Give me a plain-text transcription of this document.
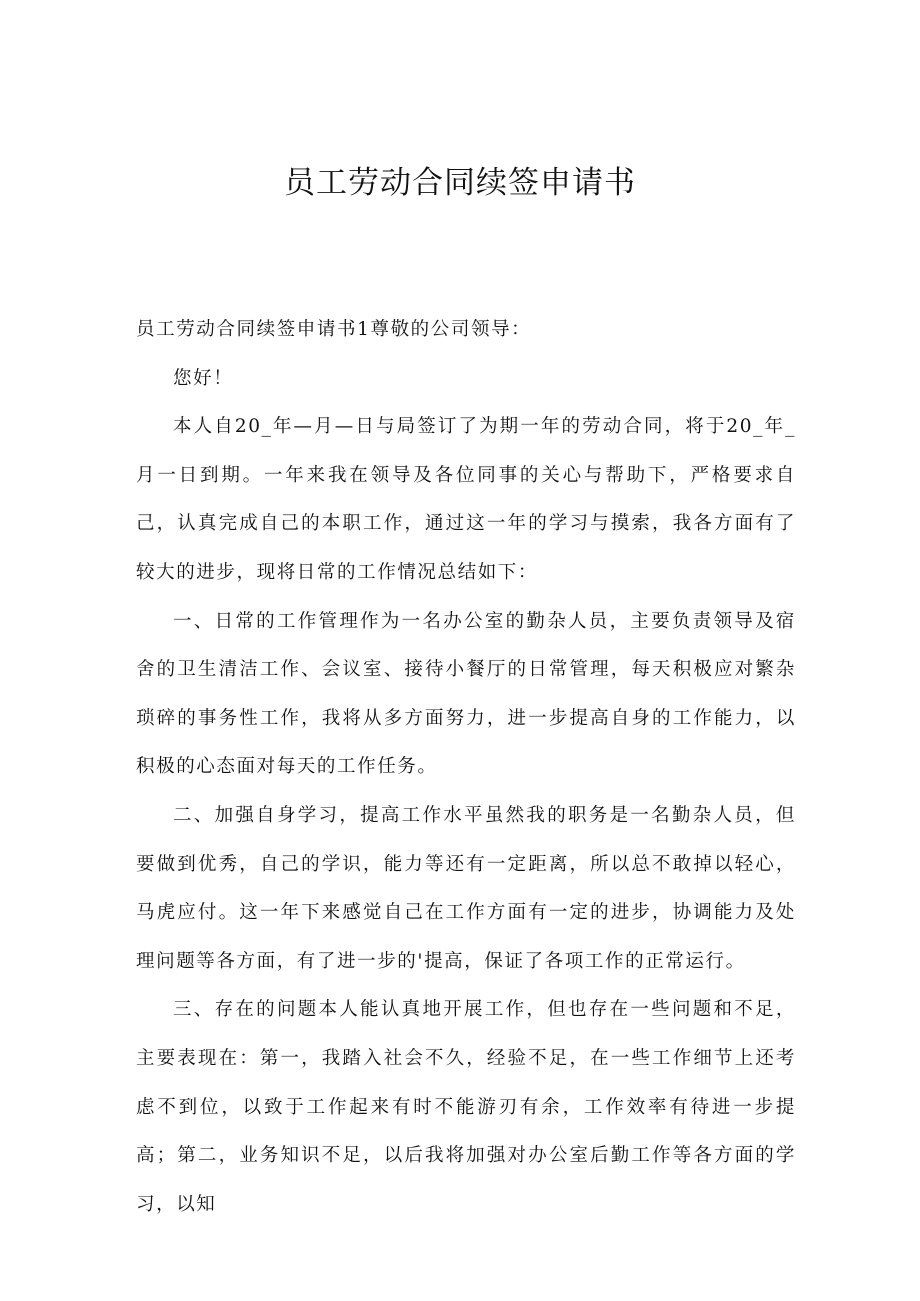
员工劳动合同续签申请书

员工劳动合同续签申请书1尊敬的公司领导：

您好！

本人自20_年—月—日与局签订了为期一年的劳动合同，将于20_年_月一日到期。一年来我在领导及各位同事的关心与帮助下，严格要求自己，认真完成自己的本职工作，通过这一年的学习与摸索，我各方面有了较大的进步，现将日常的工作情况总结如下：

一、日常的工作管理作为一名办公室的勤杂人员，主要负责领导及宿舍的卫生清洁工作、会议室、接待小餐厅的日常管理，每天积极应对繁杂琐碎的事务性工作，我将从多方面努力，进一步提高自身的工作能力，以积极的心态面对每天的工作任务。

二、加强自身学习，提高工作水平虽然我的职务是一名勤杂人员，但要做到优秀，自己的学识，能力等还有一定距离，所以总不敢掉以轻心，马虎应付。这一年下来感觉自己在工作方面有一定的进步，协调能力及处理问题等各方面，有了进一步的'提高，保证了各项工作的正常运行。

三、存在的问题本人能认真地开展工作，但也存在一些问题和不足，主要表现在：第一，我踏入社会不久，经验不足，在一些工作细节上还考虑不到位，以致于工作起来有时不能游刃有余，工作效率有待进一步提高；第二，业务知识不足，以后我将加强对办公室后勤工作等各方面的学习，以知
